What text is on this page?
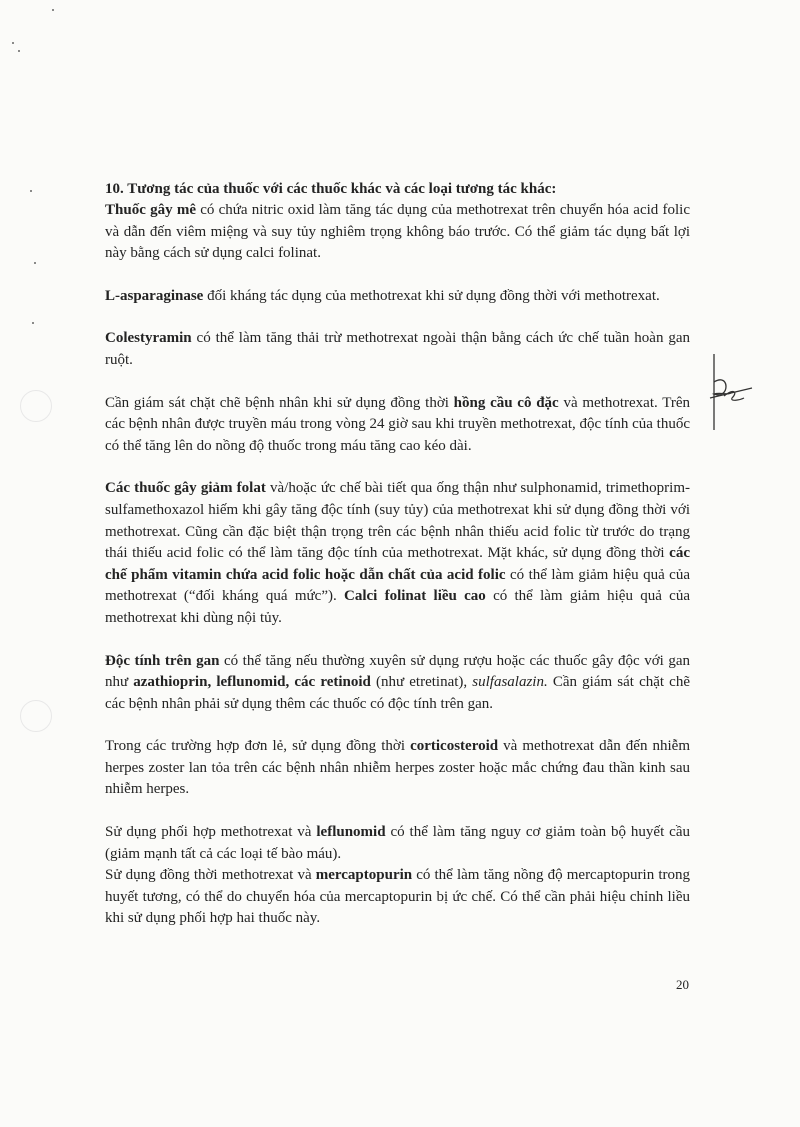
10. Tương tác của thuốc với các thuốc khác và các loại tương tác khác:

Thuốc gây mê có chứa nitric oxid làm tăng tác dụng của methotrexat trên chuyển hóa acid folic và dẫn đến viêm miệng và suy tủy nghiêm trọng không báo trước. Có thể giảm tác dụng bất lợi này bằng cách sử dụng calci folinat.

L-asparaginase đối kháng tác dụng của methotrexat khi sử dụng đồng thời với methotrexat.

Colestyramin có thể làm tăng thải trừ methotrexat ngoài thận bằng cách ức chế tuần hoàn gan ruột.

Cần giám sát chặt chẽ bệnh nhân khi sử dụng đồng thời hồng cầu cô đặc và methotrexat. Trên các bệnh nhân được truyền máu trong vòng 24 giờ sau khi truyền methotrexat, độc tính của thuốc có thể tăng lên do nồng độ thuốc trong máu tăng cao kéo dài.

Các thuốc gây giảm folat và/hoặc ức chế bài tiết qua ống thận như sulphonamid, trimethoprim-sulfamethoxazol hiếm khi gây tăng độc tính (suy tủy) của methotrexat khi sử dụng đồng thời với methotrexat. Cũng cần đặc biệt thận trọng trên các bệnh nhân thiếu acid folic từ trước do trạng thái thiếu acid folic có thể làm tăng độc tính của methotrexat. Mặt khác, sử dụng đồng thời các chế phẩm vitamin chứa acid folic hoặc dẫn chất của acid folic có thể làm giảm hiệu quả của methotrexat (“đối kháng quá mức”). Calci folinat liều cao có thể làm giảm hiệu quả của methotrexat khi dùng nội tủy.

Độc tính trên gan có thể tăng nếu thường xuyên sử dụng rượu hoặc các thuốc gây độc với gan như azathioprin, leflunomid, các retinoid (như etretinat), sulfasalazin. Cần giám sát chặt chẽ các bệnh nhân phải sử dụng thêm các thuốc có độc tính trên gan.

Trong các trường hợp đơn lẻ, sử dụng đồng thời corticosteroid và methotrexat dẫn đến nhiễm herpes zoster lan tỏa trên các bệnh nhân nhiễm herpes zoster hoặc mắc chứng đau thần kinh sau nhiễm herpes.

Sử dụng phối hợp methotrexat và leflunomid có thể làm tăng nguy cơ giảm toàn bộ huyết cầu (giảm mạnh tất cả các loại tế bào máu).

Sử dụng đồng thời methotrexat và mercaptopurin có thể làm tăng nồng độ mercaptopurin trong huyết tương, có thể do chuyển hóa của mercaptopurin bị ức chế. Có thể cần phải hiệu chỉnh liều khi sử dụng phối hợp hai thuốc này.

20
